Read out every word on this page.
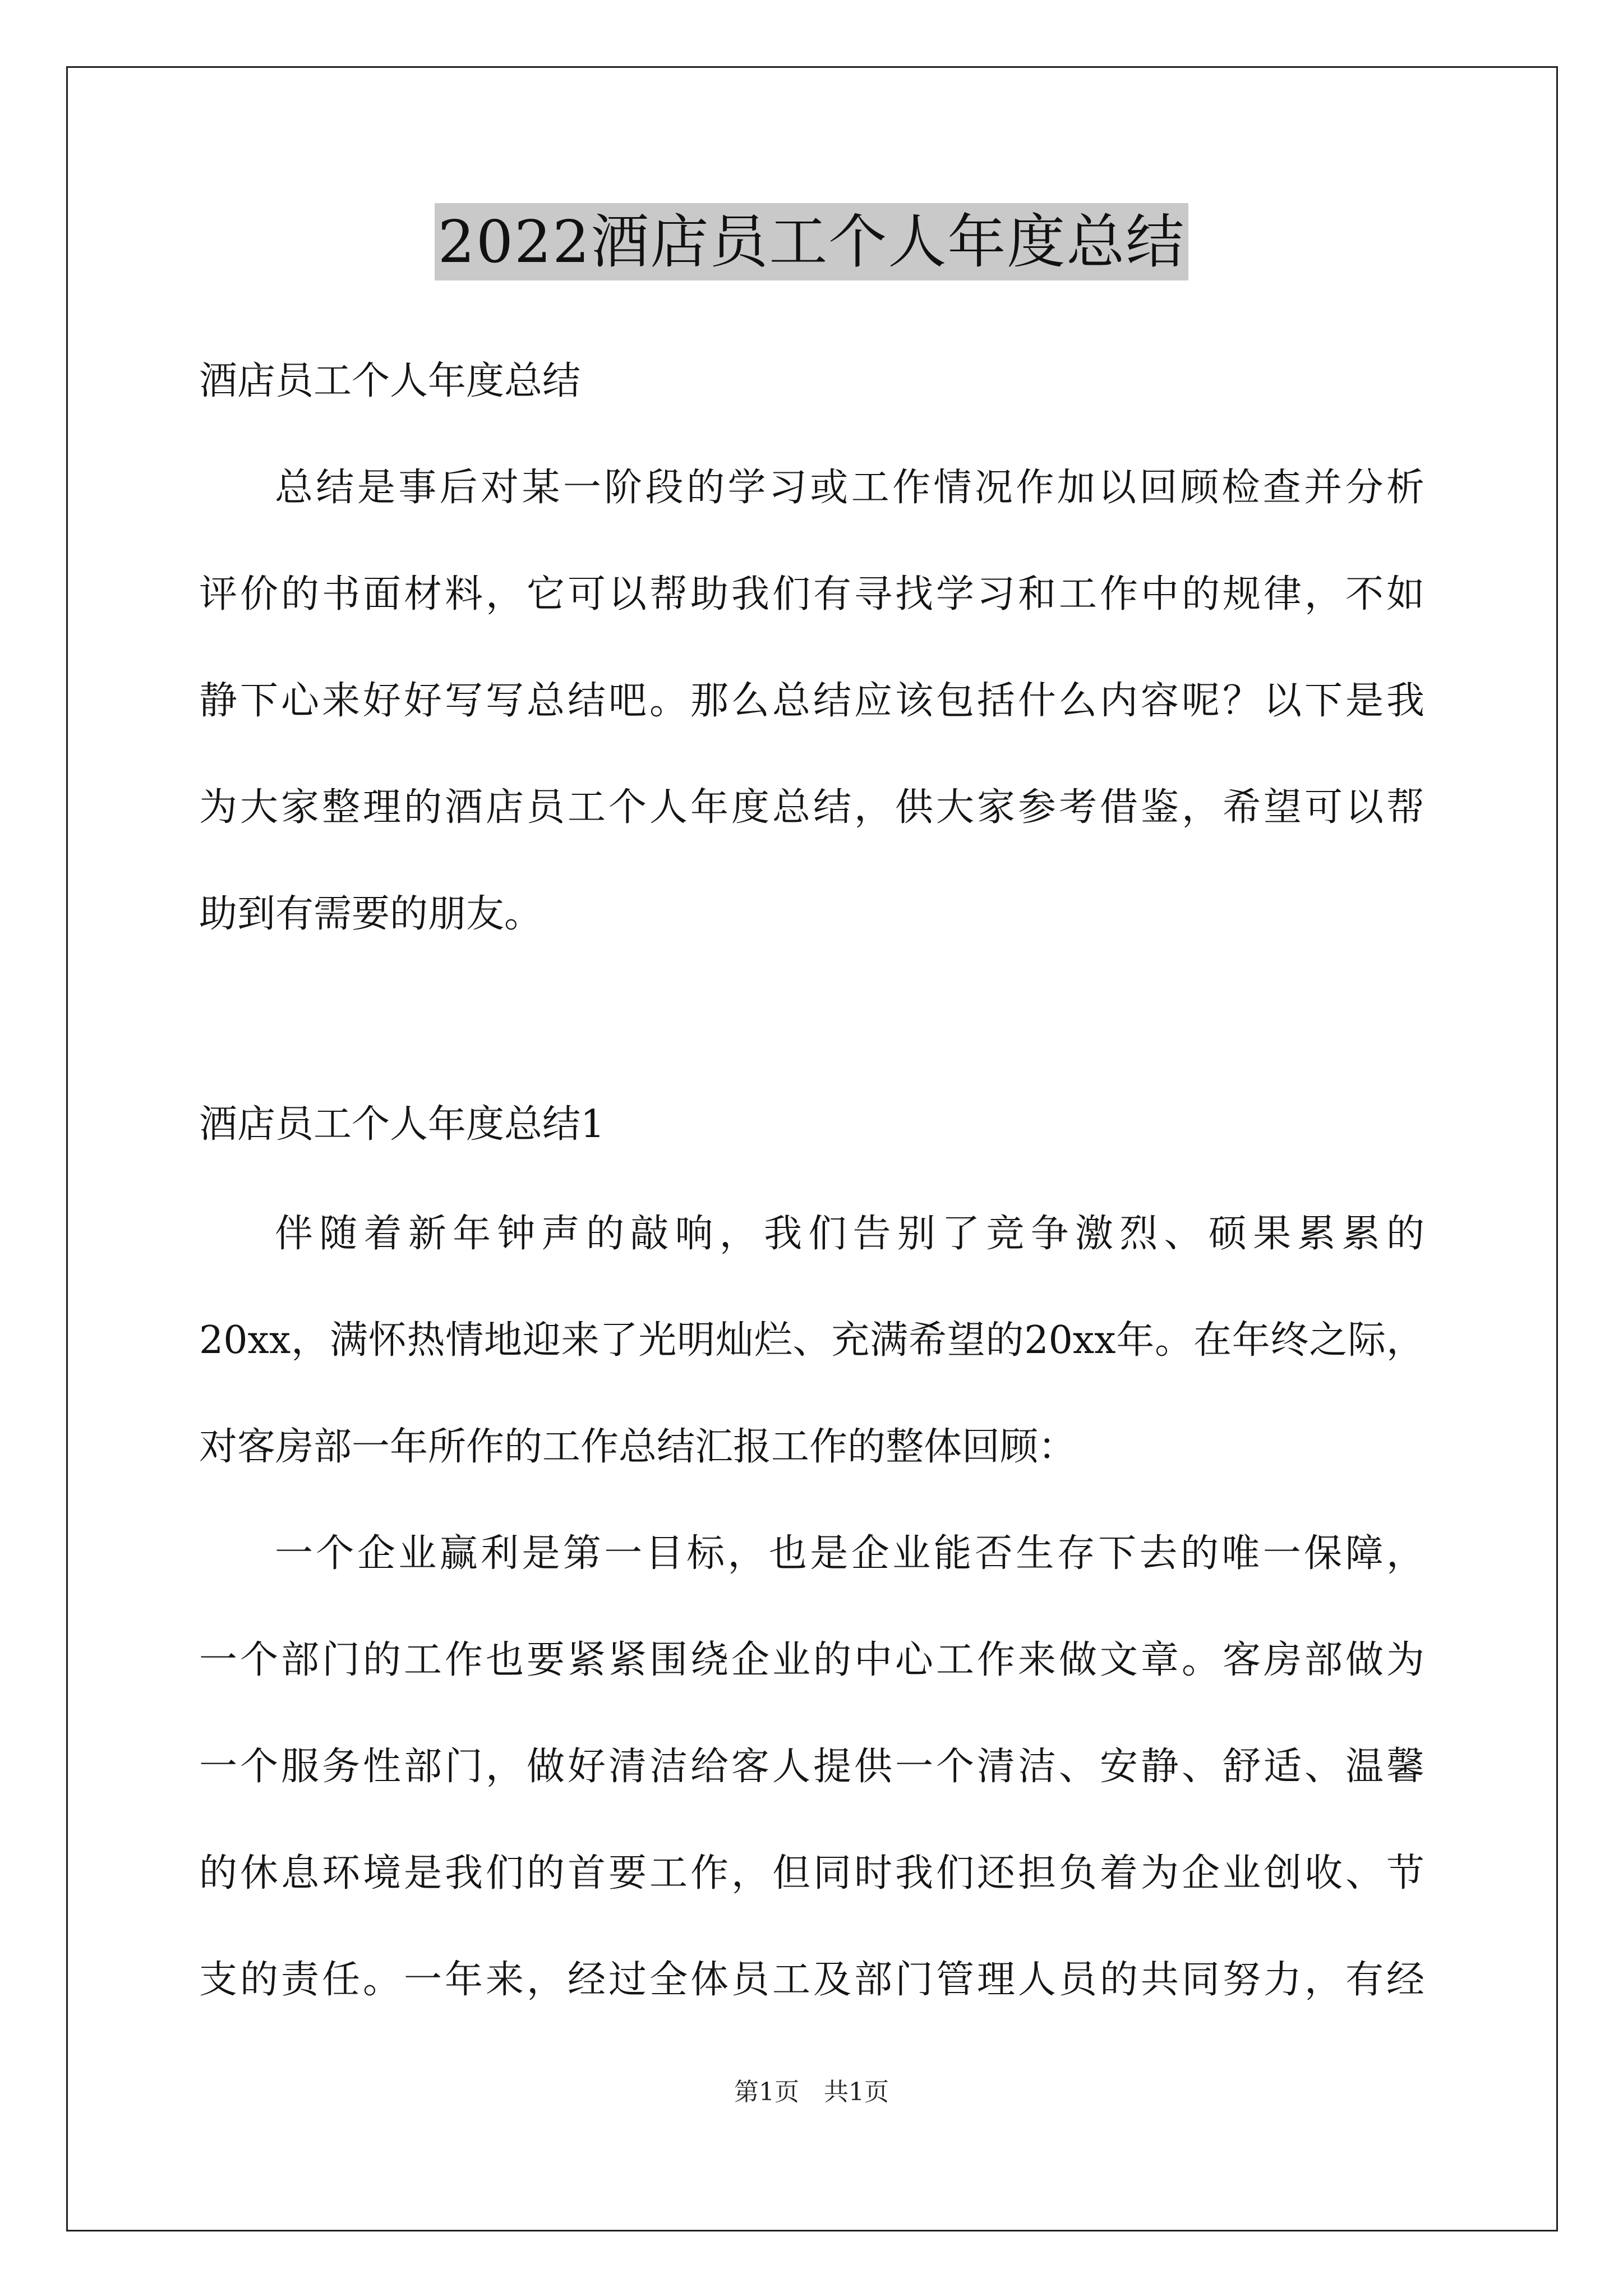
2022酒店员工个人年度总结
酒店员工个人年度总结
总结是事后对某一阶段的学习或工作情况作加以回顾检查并分析
评价的书面材料，它可以帮助我们有寻找学习和工作中的规律，不如
静下心来好好写写总结吧。那么总结应该包括什么内容呢？以下是我
为大家整理的酒店员工个人年度总结，供大家参考借鉴，希望可以帮
助到有需要的朋友。
酒店员工个人年度总结1
伴随着新年钟声的敲响，我们告别了竞争激烈、硕果累累的
20xx，满怀热情地迎来了光明灿烂、充满希望的20xx年。在年终之际，
对客房部一年所作的工作总结汇报工作的整体回顾：
一个企业赢利是第一目标，也是企业能否生存下去的唯一保障，
一个部门的工作也要紧紧围绕企业的中心工作来做文章。客房部做为
一个服务性部门，做好清洁给客人提供一个清洁、安静、舒适、温馨
的休息环境是我们的首要工作，但同时我们还担负着为企业创收、节
支的责任。一年来，经过全体员工及部门管理人员的共同努力，有经
第1页　共1页
